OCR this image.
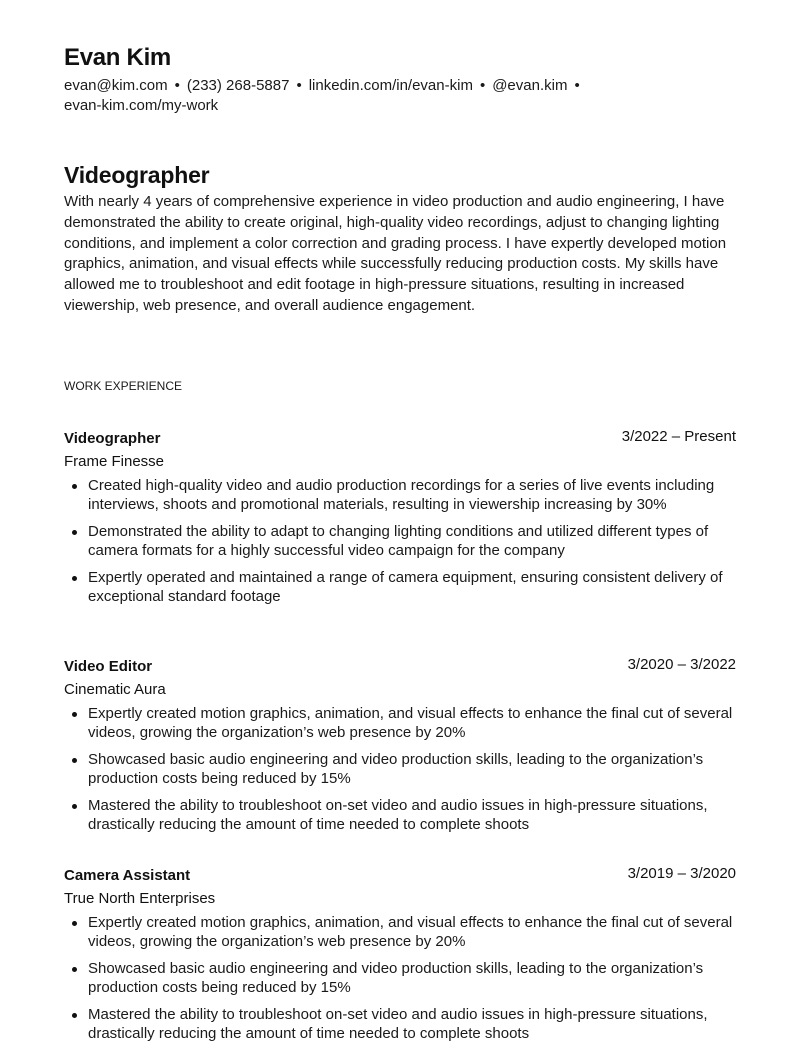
Evan Kim
evan@kim.com • (233) 268-5887 • linkedin.com/in/evan-kim • @evan.kim •
evan-kim.com/my-work
Videographer

With nearly 4 years of comprehensive experience in video production and audio engineering, I have demonstrated the ability to create original, high-quality video recordings, adjust to changing lighting conditions, and implement a color correction and grading process. I have expertly developed motion graphics, animation, and visual effects while successfully reducing production costs. My skills have allowed me to troubleshoot and edit footage in high-pressure situations, resulting in increased viewership, web presence, and overall audience engagement.

WORK EXPERIENCE
Videographer	3/2022 – Present
Frame Finesse
Created high-quality video and audio production recordings for a series of live events including interviews, shoots and promotional materials, resulting in viewership increasing by 30%
Demonstrated the ability to adapt to changing lighting conditions and utilized different types of camera formats for a highly successful video campaign for the company
Expertly operated and maintained a range of camera equipment, ensuring consistent delivery of exceptional standard footage
Video Editor	3/2020 – 3/2022
Cinematic Aura
Expertly created motion graphics, animation, and visual effects to enhance the final cut of several videos, growing the organization’s web presence by 20%
Showcased basic audio engineering and video production skills, leading to the organization’s production costs being reduced by 15%
Mastered the ability to troubleshoot on-set video and audio issues in high-pressure situations, drastically reducing the amount of time needed to complete shoots
Camera Assistant	3/2019 – 3/2020
True North Enterprises
Expertly created motion graphics, animation, and visual effects to enhance the final cut of several videos, growing the organization’s web presence by 20%
Showcased basic audio engineering and video production skills, leading to the organization’s production costs being reduced by 15%
Mastered the ability to troubleshoot on-set video and audio issues in high-pressure situations, drastically reducing the amount of time needed to complete shoots
